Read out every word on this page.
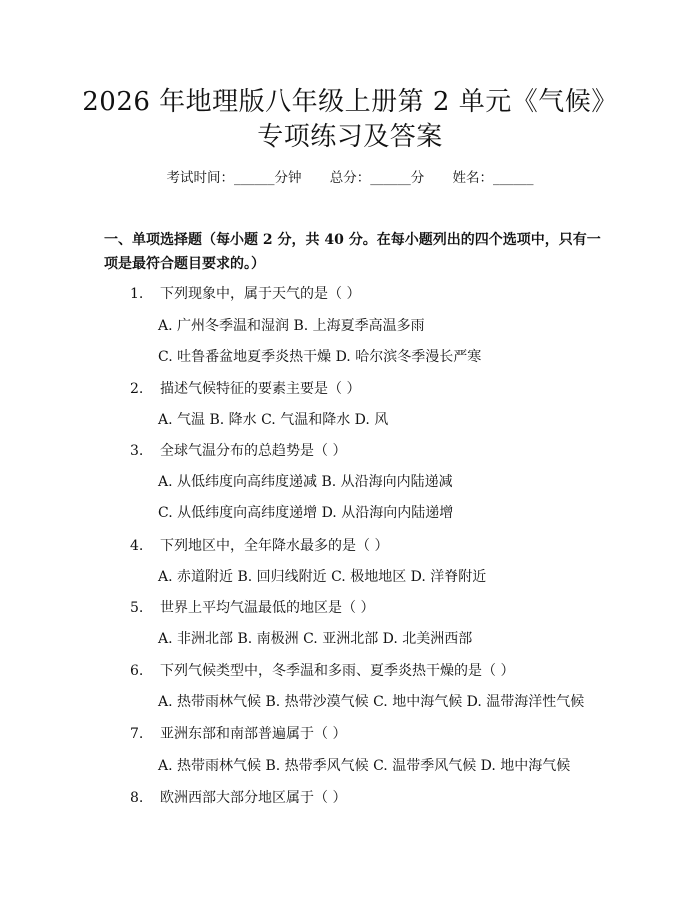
2026 年地理版八年级上册第 2 单元《气候》
专项练习及答案
考试时间：______分钟 总分：______分 姓名：______
一、单项选择题（每小题 2 分，共 40 分。在每小题列出的四个选项中，只有一项是最符合题目要求的。）
1. 下列现象中，属于天气的是（ ）
A. 广州冬季温和湿润 B. 上海夏季高温多雨
C. 吐鲁番盆地夏季炎热干燥 D. 哈尔滨冬季漫长严寒
2. 描述气候特征的要素主要是（ ）
A. 气温 B. 降水 C. 气温和降水 D. 风
3. 全球气温分布的总趋势是（ ）
A. 从低纬度向高纬度递减 B. 从沿海向内陆递减
C. 从低纬度向高纬度递增 D. 从沿海向内陆递增
4. 下列地区中，全年降水最多的是（ ）
A. 赤道附近 B. 回归线附近 C. 极地地区 D. 洋脊附近
5. 世界上平均气温最低的地区是（ ）
A. 非洲北部 B. 南极洲 C. 亚洲北部 D. 北美洲西部
6. 下列气候类型中，冬季温和多雨、夏季炎热干燥的是（ ）
A. 热带雨林气候 B. 热带沙漠气候 C. 地中海气候 D. 温带海洋性气候
7. 亚洲东部和南部普遍属于（ ）
A. 热带雨林气候 B. 热带季风气候 C. 温带季风气候 D. 地中海气候
8. 欧洲西部大部分地区属于（ ）
